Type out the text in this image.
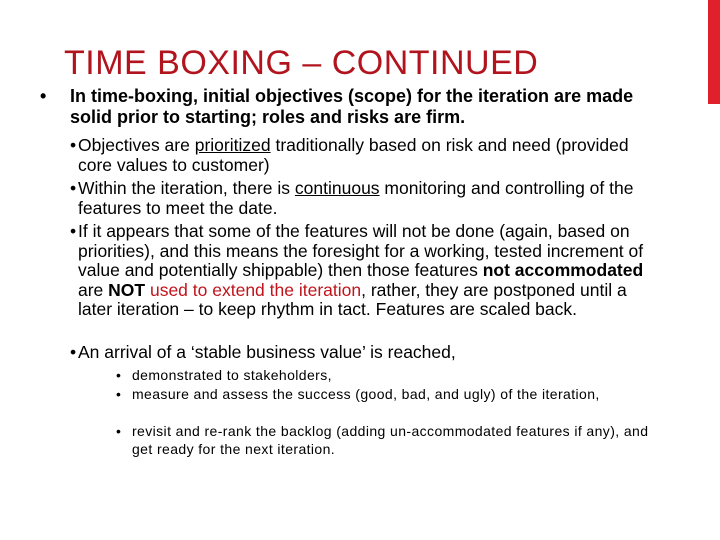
TIME BOXING – CONTINUED

• In time-boxing, initial objectives (scope) for the iteration are made solid prior to starting; roles and risks are firm.

• Objectives are prioritized traditionally based on risk and need (provided core values to customer)

• Within the iteration, there is continuous monitoring and controlling of the features to meet the date.

• If it appears that some of the features will not be done (again, based on priorities), and this means the foresight for a working, tested increment of value and potentially shippable) then those features not accommodated are NOT used to extend the iteration, rather, they are postponed until a later iteration – to keep rhythm in tact. Features are scaled back.

• An arrival of a ‘stable business value’ is reached,

• demonstrated to stakeholders,

• measure and assess the success (good, bad, and ugly) of the iteration,

• revisit and re-rank the backlog (adding un-accommodated features if any), and get ready for the next iteration.
